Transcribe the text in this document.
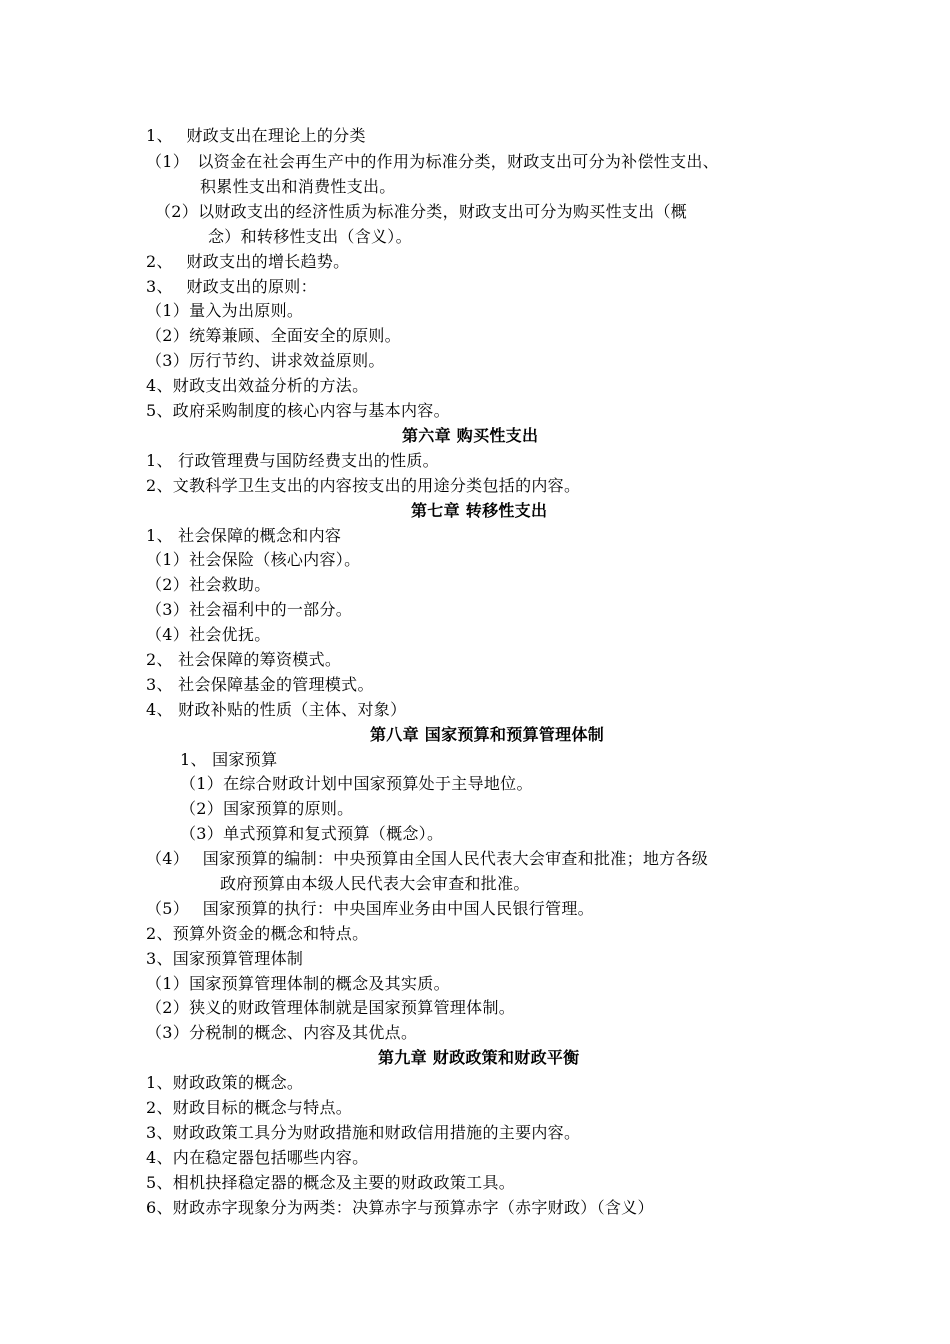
1、　 财政支出在理论上的分类
（1）　以资金在社会再生产中的作用为标准分类，财政支出可分为补偿性支出、
积累性支出和消费性支出。
（2）以财政支出的经济性质为标准分类，财政支出可分为购买性支出（概
念）和转移性支出（含义）。
2、　 财政支出的增长趋势。
3、　 财政支出的原则：
（1）量入为出原则。
（2）统筹兼顾、全面安全的原则。
（3）厉行节约、讲求效益原则。
4、财政支出效益分析的方法。
5、政府采购制度的核心内容与基本内容。
第六章 购买性支出
1、 行政管理费与国防经费支出的性质。
2、文教科学卫生支出的内容按支出的用途分类包括的内容。
第七章 转移性支出
1、 社会保障的概念和内容
（1）社会保险（核心内容）。
（2）社会救助。
（3）社会福利中的一部分。
（4）社会优抚。
2、 社会保障的筹资模式。
3、 社会保障基金的管理模式。
4、 财政补贴的性质（主体、对象）
第八章 国家预算和预算管理体制
1、 国家预算
（1）在综合财政计划中国家预算处于主导地位。
（2）国家预算的原则。
（3）单式预算和复式预算（概念）。
（4）　 国家预算的编制：中央预算由全国人民代表大会审查和批准；地方各级
政府预算由本级人民代表大会审查和批准。
（5）　 国家预算的执行：中央国库业务由中国人民银行管理。
2、预算外资金的概念和特点。
3、国家预算管理体制
（1）国家预算管理体制的概念及其实质。
（2）狭义的财政管理体制就是国家预算管理体制。
（3）分税制的概念、内容及其优点。
第九章 财政政策和财政平衡
1、财政政策的概念。
2、财政目标的概念与特点。
3、财政政策工具分为财政措施和财政信用措施的主要内容。
4、内在稳定器包括哪些内容。
5、相机抉择稳定器的概念及主要的财政政策工具。
6、财政赤字现象分为两类：决算赤字与预算赤字（赤字财政）（含义）
